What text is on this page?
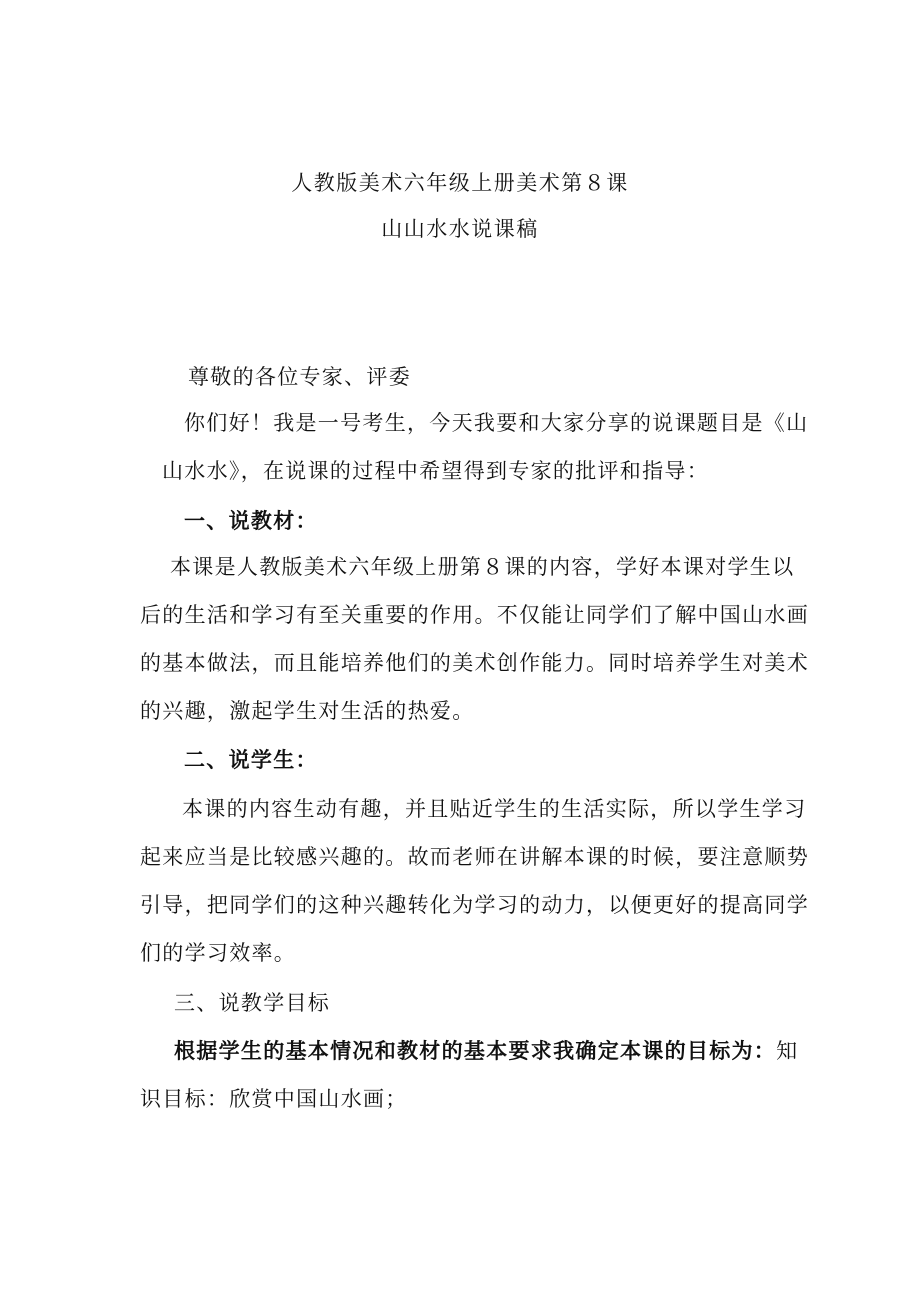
人教版美术六年级上册美术第８课
山山水水说课稿
尊敬的各位专家、评委
你们好！我是一号考生，今天我要和大家分享的说课题目是《山
山水水》，在说课的过程中希望得到专家的批评和指导：
一、说教材：
本课是人教版美术六年级上册第８课的内容，学好本课对学生以
后的生活和学习有至关重要的作用。不仅能让同学们了解中国山水画
的基本做法，而且能培养他们的美术创作能力。同时培养学生对美术
的兴趣，激起学生对生活的热爱。
二、说学生：
本课的内容生动有趣，并且贴近学生的生活实际，所以学生学习
起来应当是比较感兴趣的。故而老师在讲解本课的时候，要注意顺势
引导，把同学们的这种兴趣转化为学习的动力，以便更好的提高同学
们的学习效率。
三、说教学目标
根据学生的基本情况和教材的基本要求我确定本课的目标为：知
识目标：欣赏中国山水画；
